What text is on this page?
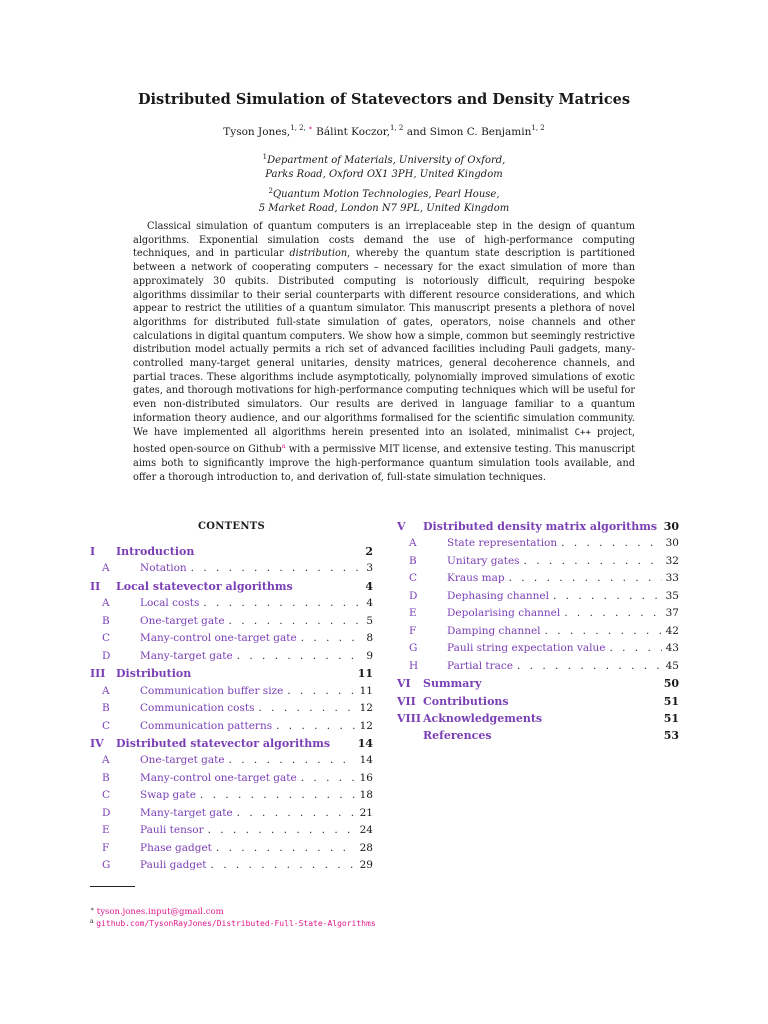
Distributed Simulation of Statevectors and Density Matrices
Tyson Jones,$^{1, 2,}$ ∗ Bálint Koczor,$^{1, 2}$ and Simon C. Benjamin$^{1, 2}$
$^1$Department of Materials, University of Oxford,
Parks Road, Oxford OX1 3PH, United Kingdom
$^2$Quantum Motion Technologies, Pearl House,
5 Market Road, London N7 9PL, United Kingdom

Classical simulation of quantum computers is an irreplaceable step in the design of quantum algorithms. Exponential simulation costs demand the use of high-performance computing techniques, and in particular distribution, whereby the quantum state description is partitioned between a network of cooperating computers – necessary for the exact simulation of more than approximately 30 qubits. Distributed computing is notoriously difficult, requiring bespoke algorithms dissimilar to their serial counterparts with different resource considerations, and which appear to restrict the utilities of a quantum simulator. This manuscript presents a plethora of novel algorithms for distributed full-state simulation of gates, operators, noise channels and other calculations in digital quantum computers. We show how a simple, common but seemingly restrictive distribution model actually permits a rich set of advanced facilities including Pauli gadgets, many-controlled many-target general unitaries, density matrices, general decoherence channels, and partial traces. These algorithms include asymptotically, polynomially improved simulations of exotic gates, and thorough motivations for high-performance computing techniques which will be useful for even non-distributed simulators. Our results are derived in language familiar to a quantum information theory audience, and our algorithms formalised for the scientific simulation community. We have implemented all algorithms herein presented into an isolated, minimalist C++ project, hosted open-source on Github$^a$ with a permissive MIT license, and extensive testing. This manuscript aims both to significantly improve the high-performance quantum simulation tools available, and offer a thorough introduction to, and derivation of, full-state simulation techniques.

CONTENTS
I	Introduction	2
A	Notation . . .	3
II	Local statevector algorithms	4
A	Local costs . . .	4
B	One-target gate . . .	5
C	Many-control one-target gate . . .	8
D	Many-target gate . . .	9
III Distribution	11
A	Communication buffer size . . .	11
B	Communication costs . . .	12
C	Communication patterns . . .	12
IV	Distributed statevector algorithms	14
A	One-target gate . . .	14
B	Many-control one-target gate . . .	16
C	Swap gate . . .	18
D	Many-target gate . . .	21
E	Pauli tensor . . .	24
F	Phase gadget . . .	28
G	Pauli gadget . . .	29
V	Distributed density matrix algorithms 30
A	State representation . . .	30
B	Unitary gates . . .	32
C	Kraus map . . .	33
D	Dephasing channel . . .	35
E	Depolarising channel . . .	37
F	Damping channel . . .	42
G	Pauli string expectation value . . .	43
H	Partial trace . . .	45
VI	Summary	50
VII Contributions	51
VIII Acknowledgements	51
References	53
∗ tyson.jones.input@gmail.com
$^a$ github.com/TysonRayJones/Distributed-Full-State-Algorithms
